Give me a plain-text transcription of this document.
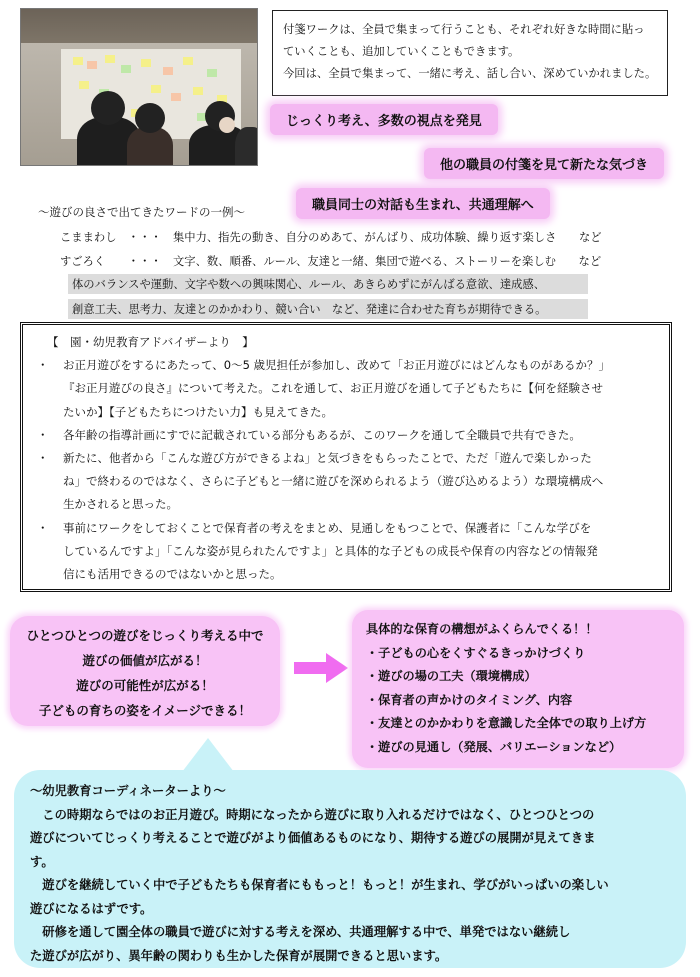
付箋ワークは、全員で集まって行うことも、それぞれ好きな時間に貼っ

ていくことも、追加していくこともできます。

今回は、全員で集まって、一緒に考え、話し合い、深めていかれました。

じっくり考え、多数の視点を発見
他の職員の付箋を見て新たな気づき
職員同士の対話も生まれ、共通理解へ
～遊びの良さで出てきたワードの一例～
こままわし　・・・　集中力、指先の動き、自分のめあて、がんばり、成功体験、繰り返す楽しさ　　など
すごろく　　・・・　文字、数、順番、ルール、友達と一緒、集団で遊べる、ストーリーを楽しむ　　など
体のバランスや運動、文字や数への興味関心、ルール、あきらめずにがんばる意欲、達成感、
創意工夫、思考力、友達とのかかわり、競い合い　など、発達に合わせた育ちが期待できる。
【　園・幼児教育アドバイザーより　】
・ お正月遊びをするにあたって、0～5 歳児担任が参加し、改めて「お正月遊びにはどんなものがあるか？」
『お正月遊びの良さ』について考えた。これを通して、お正月遊びを通して子どもたちに【何を経験させ
たいか】【子どもたちにつけたい力】も見えてきた。
・ 各年齢の指導計画にすでに記載されている部分もあるが、このワークを通して全職員で共有できた。
・ 新たに、他者から「こんな遊び方ができるよね」と気づきをもらったことで、ただ「遊んで楽しかった
ね」で終わるのではなく、さらに子どもと一緒に遊びを深められるよう（遊び込めるよう）な環境構成へ
生かされると思った。
・ 事前にワークをしておくことで保育者の考えをまとめ、見通しをもつことで、保護者に「こんな学びを
しているんですよ」「こんな姿が見られたんですよ」と具体的な子どもの成長や保育の内容などの情報発
信にも活用できるのではないかと思った。
ひとつひとつの遊びをじっくり考える中で
遊びの価値が広がる！
遊びの可能性が広がる！
子どもの育ちの姿をイメージできる！
具体的な保育の構想がふくらんでくる！！
・子どもの心をくすぐるきっかけづくり
・遊びの場の工夫（環境構成）
・保育者の声かけのタイミング、内容
・友達とのかかわりを意識した全体での取り上げ方
・遊びの見通し（発展、バリエーションなど）

～幼児教育コーディネーターより～

　この時期ならではのお正月遊び。時期になったから遊びに取り入れるだけではなく、ひとつひとつの

遊びについてじっくり考えることで遊びがより価値あるものになり、期待する遊びの展開が見えてきま

す。

　遊びを継続していく中で子どもたちも保育者にももっと！もっと！が生まれ、学びがいっぱいの楽しい

遊びになるはずです。

　研修を通して園全体の職員で遊びに対する考えを深め、共通理解する中で、単発ではない継続し

た遊びが広がり、異年齢の関わりも生かした保育が展開できると思います。
